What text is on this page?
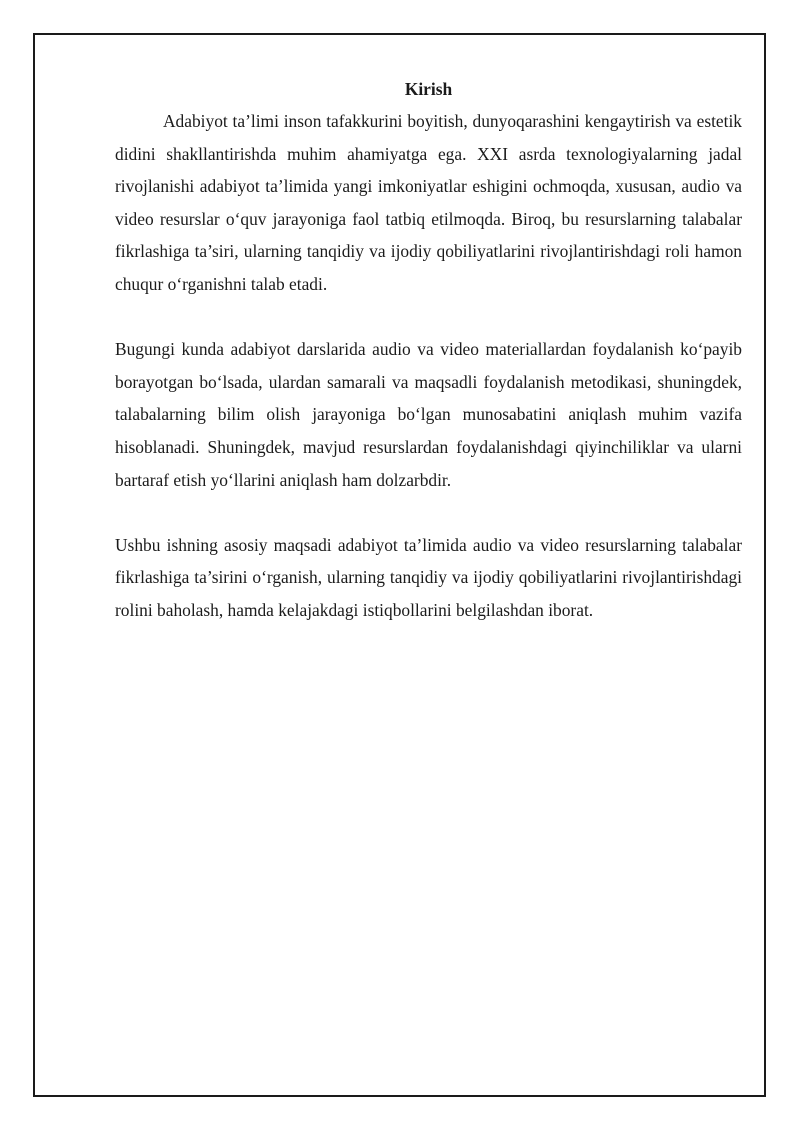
Kirish

Adabiyot ta’limi inson tafakkurini boyitish, dunyoqarashini kengaytirish va estetik didini shakllantirishda muhim ahamiyatga ega. XXI asrda texnologiyalarning jadal rivojlanishi adabiyot ta’limida yangi imkoniyatlar eshigini ochmoqda, xususan, audio va video resurslar o‘quv jarayoniga faol tatbiq etilmoqda. Biroq, bu resurslarning talabalar fikrlashiga ta’siri, ularning tanqidiy va ijodiy qobiliyatlarini rivojlantirishdagi roli hamon chuqur o‘rganishni talab etadi.

Bugungi kunda adabiyot darslarida audio va video materiallardan foydalanish ko‘payib borayotgan bo‘lsada, ulardan samarali va maqsadli foydalanish metodikasi, shuningdek, talabalarning bilim olish jarayoniga bo‘lgan munosabatini aniqlash muhim vazifa hisoblanadi. Shuningdek, mavjud resurslardan foydalanishdagi qiyinchiliklar va ularni bartaraf etish yo‘llarini aniqlash ham dolzarbdir.

Ushbu ishning asosiy maqsadi adabiyot ta’limida audio va video resurslarning talabalar fikrlashiga ta’sirini o‘rganish, ularning tanqidiy va ijodiy qobiliyatlarini rivojlantirishdagi rolini baholash, hamda kelajakdagi istiqbollarini belgilashdan iborat.
